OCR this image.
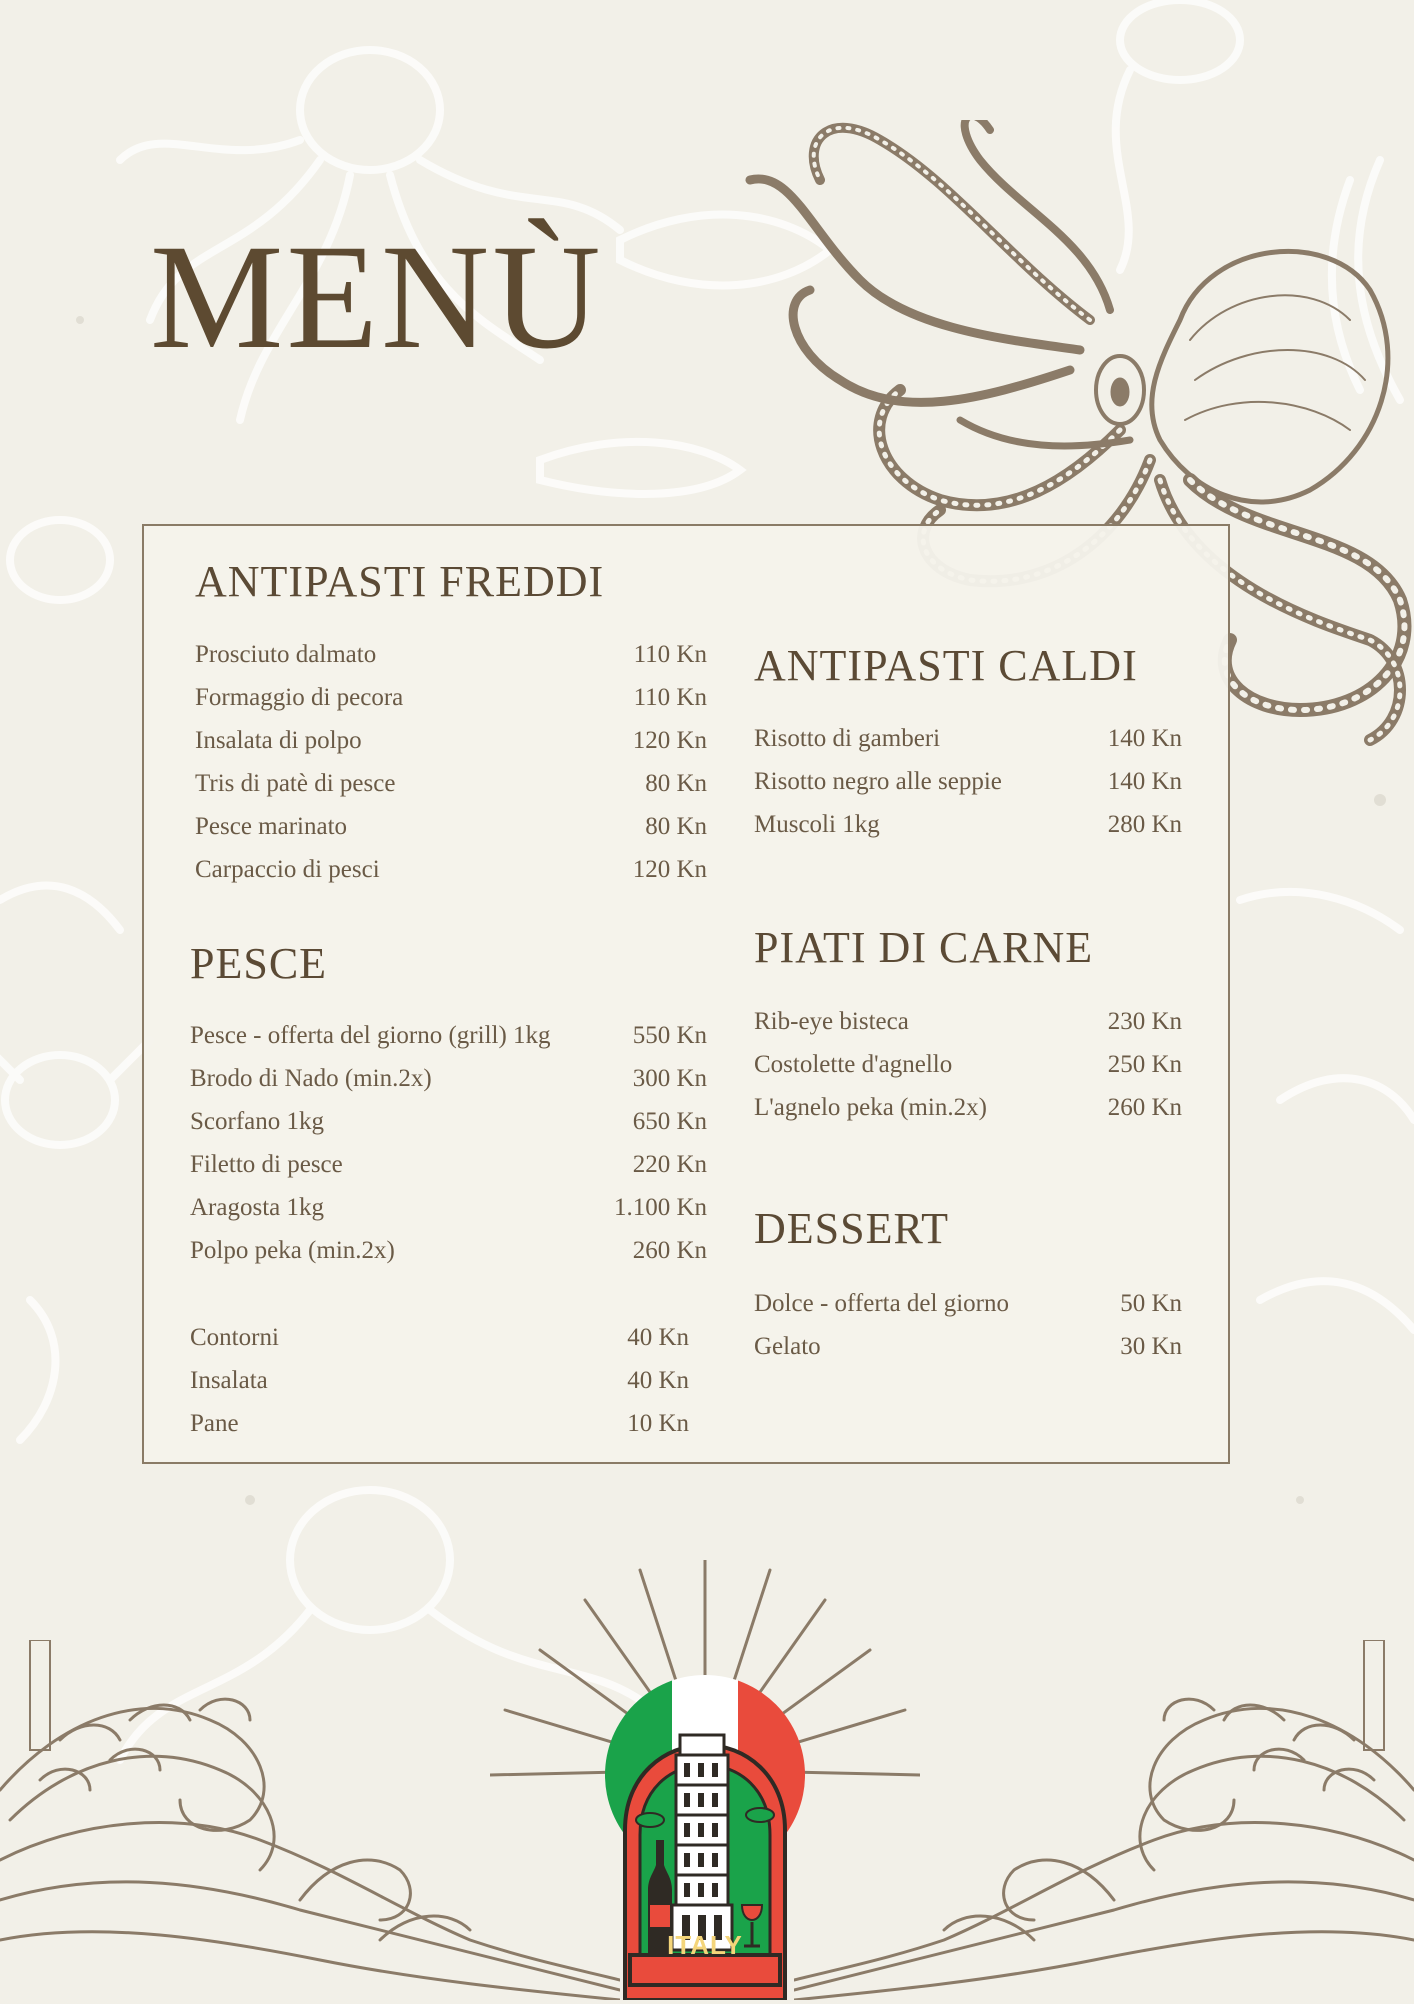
MENÙ
ANTIPASTI FREDDI
Prosciuto dalmato	110 Kn
Formaggio di pecora	110 Kn
Insalata di polpo	120 Kn
Tris di patè di pesce	80 Kn
Pesce marinato	80 Kn
Carpaccio di pesci	120 Kn
PESCE
Pesce - offerta del giorno (grill) 1kg	550 Kn
Brodo di Nado (min.2x)	300 Kn
Scorfano 1kg	650 Kn
Filetto di pesce	220 Kn
Aragosta 1kg	1.100 Kn
Polpo peka (min.2x)	260 Kn
Contorni	40 Kn
Insalata	40 Kn
Pane	10 Kn
ANTIPASTI CALDI
Risotto di gamberi	140 Kn
Risotto negro alle seppie	140 Kn
Muscoli 1kg	280 Kn
PIATI DI CARNE
Rib-eye bisteca	230 Kn
Costolette d'agnello	250 Kn
L'agnelo peka (min.2x)	260 Kn
DESSERT
Dolce - offerta del giorno	50 Kn
Gelato	30 Kn
ITALY
